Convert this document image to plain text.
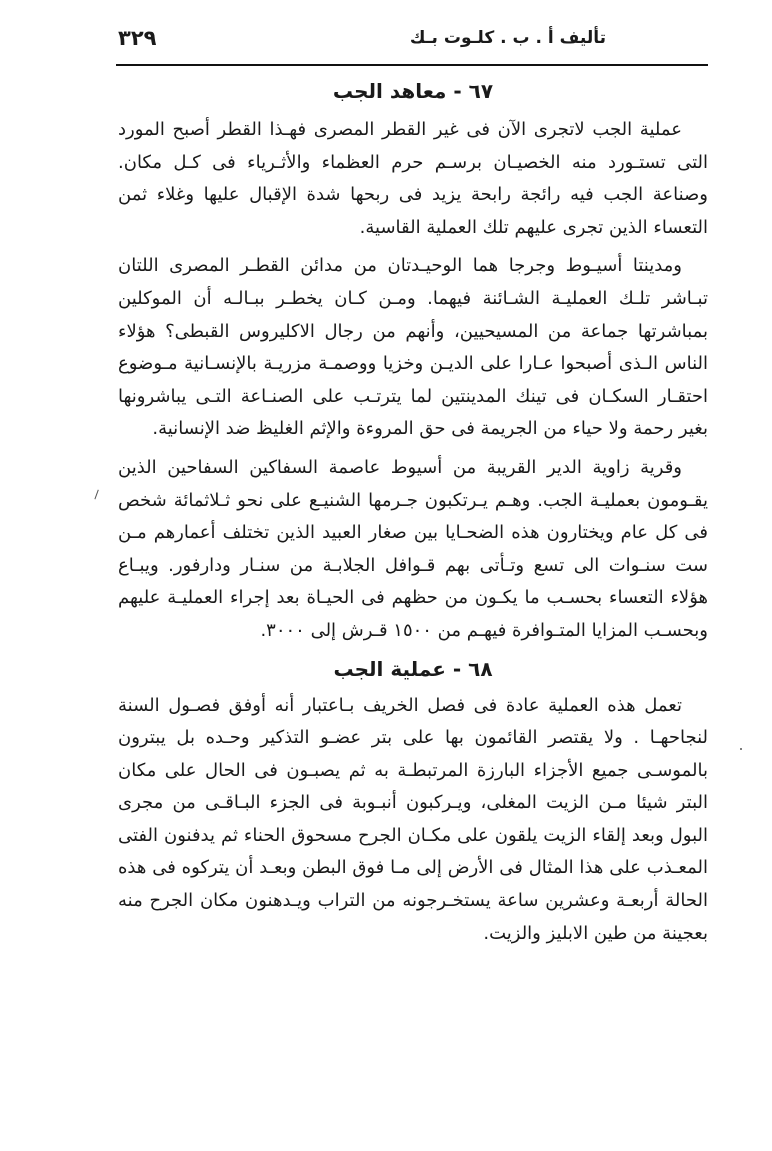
٣٢٩	تأليف أ . ب . كلـوت بـك
٦٧ - معاهد الجب

عملية الجب لاتجرى الآن فى غير القطر المصرى فهـذا القطر أصبح المورد التى تستـورد منه الخصيـان برسـم حرم العظماء والأثـرياء فى كـل مكان. وصناعة الجب فيه رائجة رابحة يزيد فى ربحها شدة الإقبال عليها وغلاء ثمن التعساء الذين تجرى عليهم تلك العملية القاسية.

ومدينتا أسيـوط وجرجا هما الوحيـدتان من مدائن القطـر المصرى اللتان تبـاشر تلـك العمليـة الشـائنة فيهما. ومـن كـان يخطـر ببـالـه أن الموكلين بمباشرتها جماعة من المسيحيين، وأنهم من رجال الاكليروس القبطى؟ هؤلاء الناس الـذى أصبحوا عـارا على الديـن وخزيا ووصمـة مزريـة بالإنسـانية مـوضوع احتقـار السكـان فى تينك المدينتين لما يترتـب على الصنـاعة التـى يباشرونها بغير رحمة ولا حياء من الجريمة فى حق المروءة والإثم الغليظ ضد الإنسانية.

وقرية زاوية الدير القريبة من أسيوط عاصمة السفاكين السفاحين الذين يقـومون بعمليـة الجب. وهـم يـرتكبون جـرمها الشنيـع على نحو ثـلاثمائة شخص فى كل عام ويختارون هذه الضحـايا بين صغار العبيد الذين تختلف أعمارهم مـن ست سنـوات الى تسع وتـأتى بهم قـوافل الجلابـة من سنـار ودارفور. ويبـاع هؤلاء التعساء بحسـب ما يكـون من حظهم فى الحيـاة بعد إجراء العمليـة عليهم وبحسـب المزايا المتـوافرة فيهـم من ١٥٠٠ قـرش إلى ٣٠٠٠.

٦٨ - عملية الجب

تعمل هذه العملية عادة فى فصل الخريف بـاعتبار أنه أوفق فصـول السنة لنجاحهـا . ولا يقتصر القائمون بها على بتر عضـو التذكير وحـده بل يبترون بالموسـى جميع الأجزاء البارزة المرتبطـة به ثم يصبـون فى الحال على مكان البتر شيئا مـن الزيت المغلى، ويـركبون أنبـوبة فى الجزء البـاقـى من مجرى البول وبعد إلقاء الزيت يلقون على مكـان الجرح مسحوق الحناء ثم يدفنون الفتى المعـذب على هذا المثال فى الأرض إلى مـا فوق البطن وبعـد أن يتركوه فى هذه الحالة أربعـة وعشرين ساعة يستخـرجونه من التراب ويـدهنون مكان الجرح منه بعجينة من طين الابليز والزيت.
